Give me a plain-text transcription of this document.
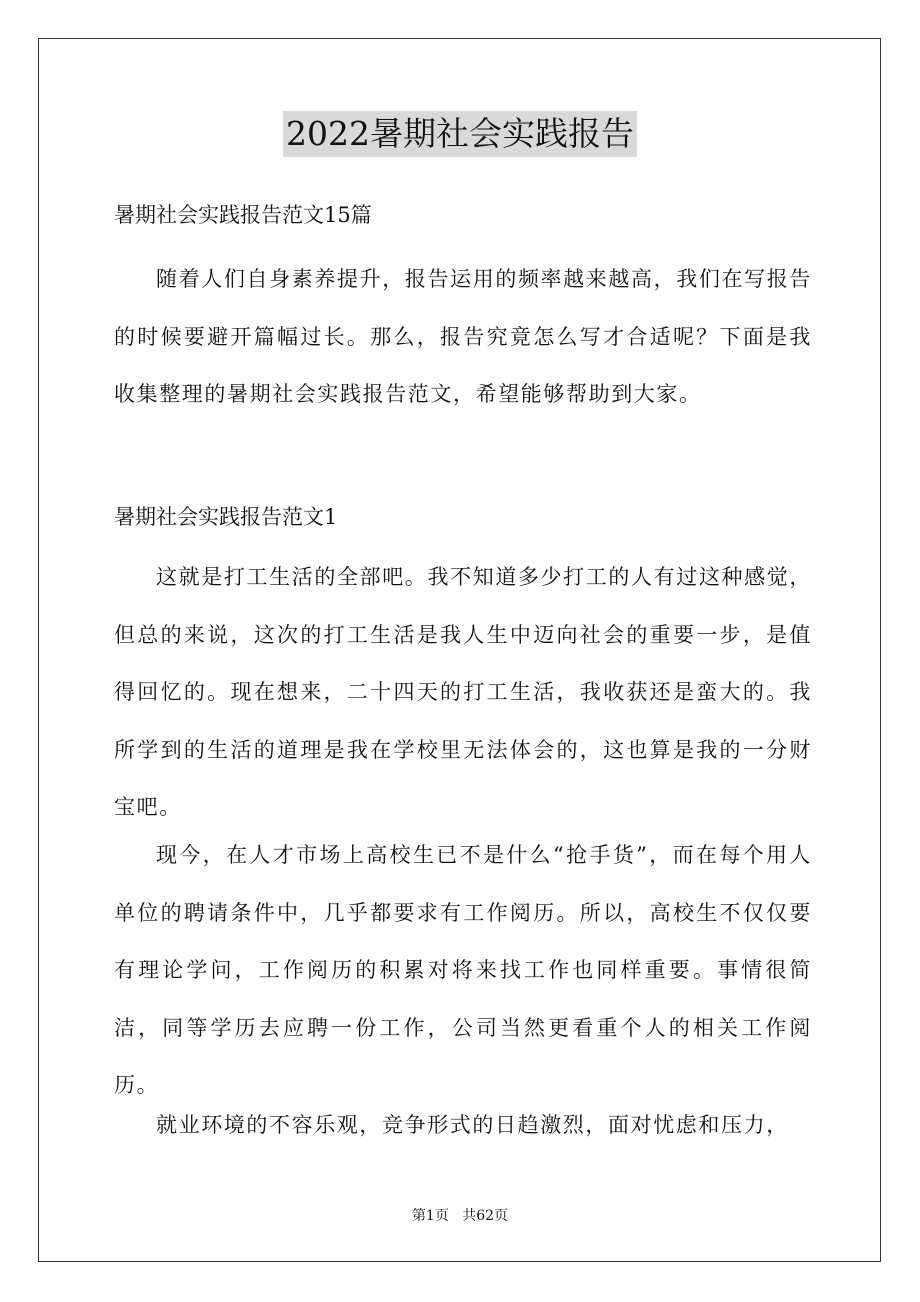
2022暑期社会实践报告
暑期社会实践报告范文15篇

随着人们自身素养提升，报告运用的频率越来越高，我们在写报告的时候要避开篇幅过长。那么，报告究竟怎么写才合适呢？下面是我收集整理的暑期社会实践报告范文，希望能够帮助到大家。

暑期社会实践报告范文1

这就是打工生活的全部吧。我不知道多少打工的人有过这种感觉，但总的来说，这次的打工生活是我人生中迈向社会的重要一步，是值得回忆的。现在想来，二十四天的打工生活，我收获还是蛮大的。我所学到的生活的道理是我在学校里无法体会的，这也算是我的一分财宝吧。

现今，在人才市场上高校生已不是什么“抢手货”，而在每个用人单位的聘请条件中，几乎都要求有工作阅历。所以，高校生不仅仅要有理论学问，工作阅历的积累对将来找工作也同样重要。事情很简洁，同等学历去应聘一份工作，公司当然更看重个人的相关工作阅历。

就业环境的不容乐观，竞争形式的日趋激烈，面对忧虑和压力，

第1页 共62页
